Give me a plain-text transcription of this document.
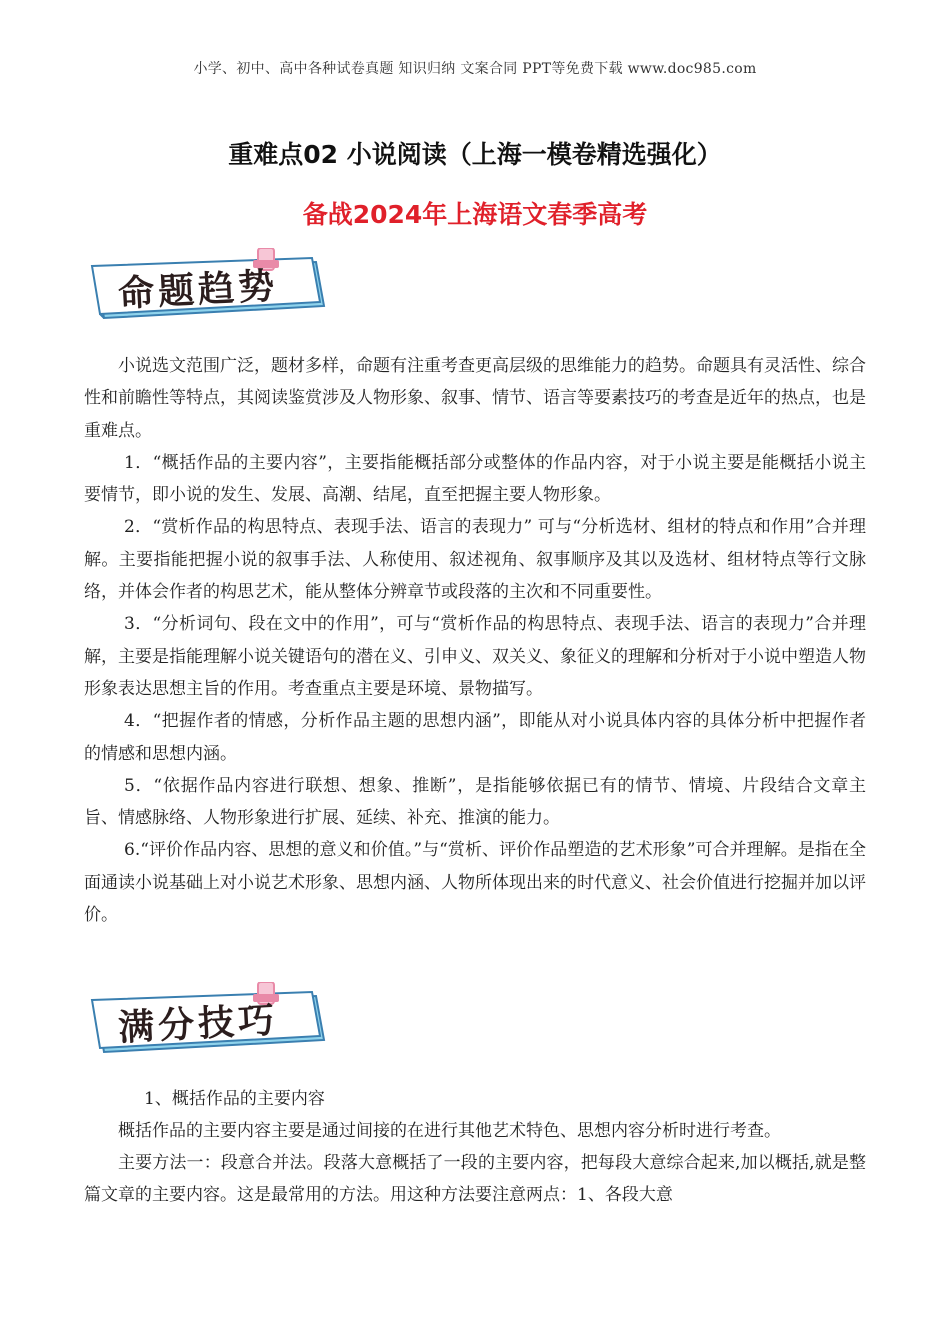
小学、初中、高中各种试卷真题 知识归纳 文案合同 PPT等免费下载 www.doc985.com
重难点02 小说阅读（上海一模卷精选强化）
备战2024年上海语文春季高考
命题趋势

小说选文范围广泛，题材多样，命题有注重考查更高层级的思维能力的趋势。命题具有灵活性、综合性和前瞻性等特点，其阅读鉴赏涉及人物形象、叙事、情节、语言等要素技巧的考查是近年的热点，也是重难点。

1．“概括作品的主要内容”，主要指能概括部分或整体的作品内容，对于小说主要是能概括小说主要情节，即小说的发生、发展、高潮、结尾，直至把握主要人物形象。

2．“赏析作品的构思特点、表现手法、语言的表现力” 可与“分析选材、组材的特点和作用”合并理解。主要指能把握小说的叙事手法、人称使用、叙述视角、叙事顺序及其以及选材、组材特点等行文脉络，并体会作者的构思艺术，能从整体分辨章节或段落的主次和不同重要性。

3．“分析词句、段在文中的作用”，可与“赏析作品的构思特点、表现手法、语言的表现力”合并理解，主要是指能理解小说关键语句的潜在义、引申义、双关义、象征义的理解和分析对于小说中塑造人物形象表达思想主旨的作用。考查重点主要是环境、景物描写。

4．“把握作者的情感，分析作品主题的思想内涵”，即能从对小说具体内容的具体分析中把握作者的情感和思想内涵。

5．“依据作品内容进行联想、想象、推断”，是指能够依据已有的情节、情境、片段结合文章主旨、情感脉络、人物形象进行扩展、延续、补充、推演的能力。

6.“评价作品内容、思想的意义和价值。”与“赏析、评价作品塑造的艺术形象”可合并理解。是指在全面通读小说基础上对小说艺术形象、思想内涵、人物所体现出来的时代意义、社会价值进行挖掘并加以评价。

满分技巧

1、概括作品的主要内容

概括作品的主要内容主要是通过间接的在进行其他艺术特色、思想内容分析时进行考查。

主要方法一：段意合并法。段落大意概括了一段的主要内容，把每段大意综合起来,加以概括,就是整篇文章的主要内容。这是最常用的方法。用这种方法要注意两点：1、各段大意
